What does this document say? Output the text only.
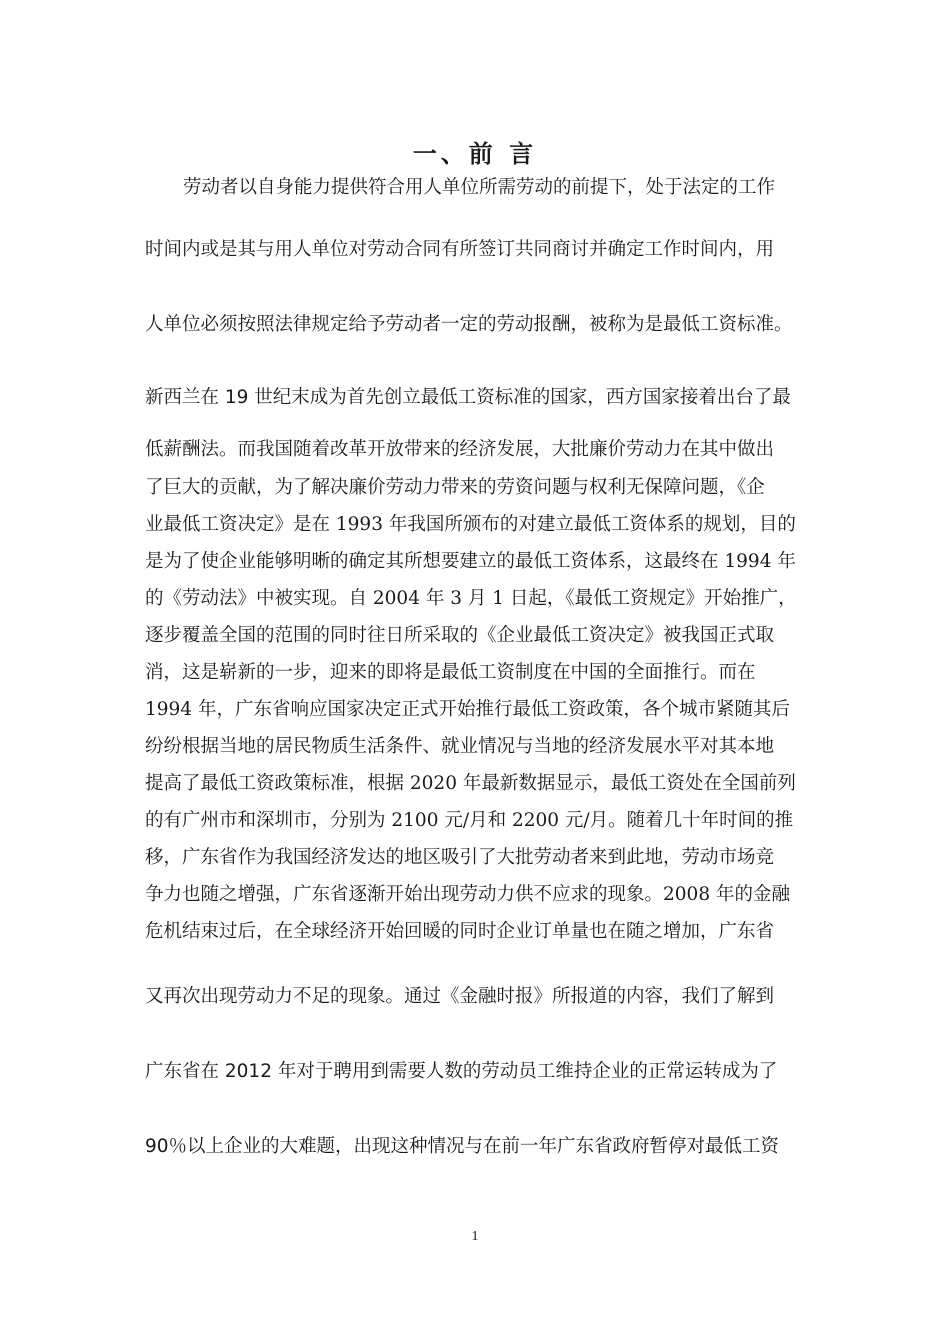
一、前 言
劳动者以自身能力提供符合用人单位所需劳动的前提下，处于法定的工作
时间内或是其与用人单位对劳动合同有所签订共同商讨并确定工作时间内，用
人单位必须按照法律规定给予劳动者一定的劳动报酬，被称为是最低工资标准。
新西兰在 19 世纪末成为首先创立最低工资标准的国家，西方国家接着出台了最
低薪酬法。而我国随着改革开放带来的经济发展，大批廉价劳动力在其中做出
了巨大的贡献，为了解决廉价劳动力带来的劳资问题与权利无保障问题，《企
业最低工资决定》是在 1993 年我国所颁布的对建立最低工资体系的规划，目的
是为了使企业能够明晰的确定其所想要建立的最低工资体系，这最终在 1994 年
的《劳动法》中被实现。自 2004 年 3 月 1 日起，《最低工资规定》开始推广，
逐步覆盖全国的范围的同时往日所采取的《企业最低工资决定》被我国正式取
消，这是崭新的一步，迎来的即将是最低工资制度在中国的全面推行。而在
1994 年，广东省响应国家决定正式开始推行最低工资政策，各个城市紧随其后
纷纷根据当地的居民物质生活条件、就业情况与当地的经济发展水平对其本地
提高了最低工资政策标准，根据 2020 年最新数据显示，最低工资处在全国前列
的有广州市和深圳市，分别为 2100 元/月和 2200 元/月。随着几十年时间的推
移，广东省作为我国经济发达的地区吸引了大批劳动者来到此地，劳动市场竞
争力也随之增强，广东省逐渐开始出现劳动力供不应求的现象。2008 年的金融
危机结束过后，在全球经济开始回暖的同时企业订单量也在随之增加，广东省
又再次出现劳动力不足的现象。通过《金融时报》所报道的内容，我们了解到
广东省在 2012 年对于聘用到需要人数的劳动员工维持企业的正常运转成为了
90％以上企业的大难题，出现这种情况与在前一年广东省政府暂停对最低工资
1
